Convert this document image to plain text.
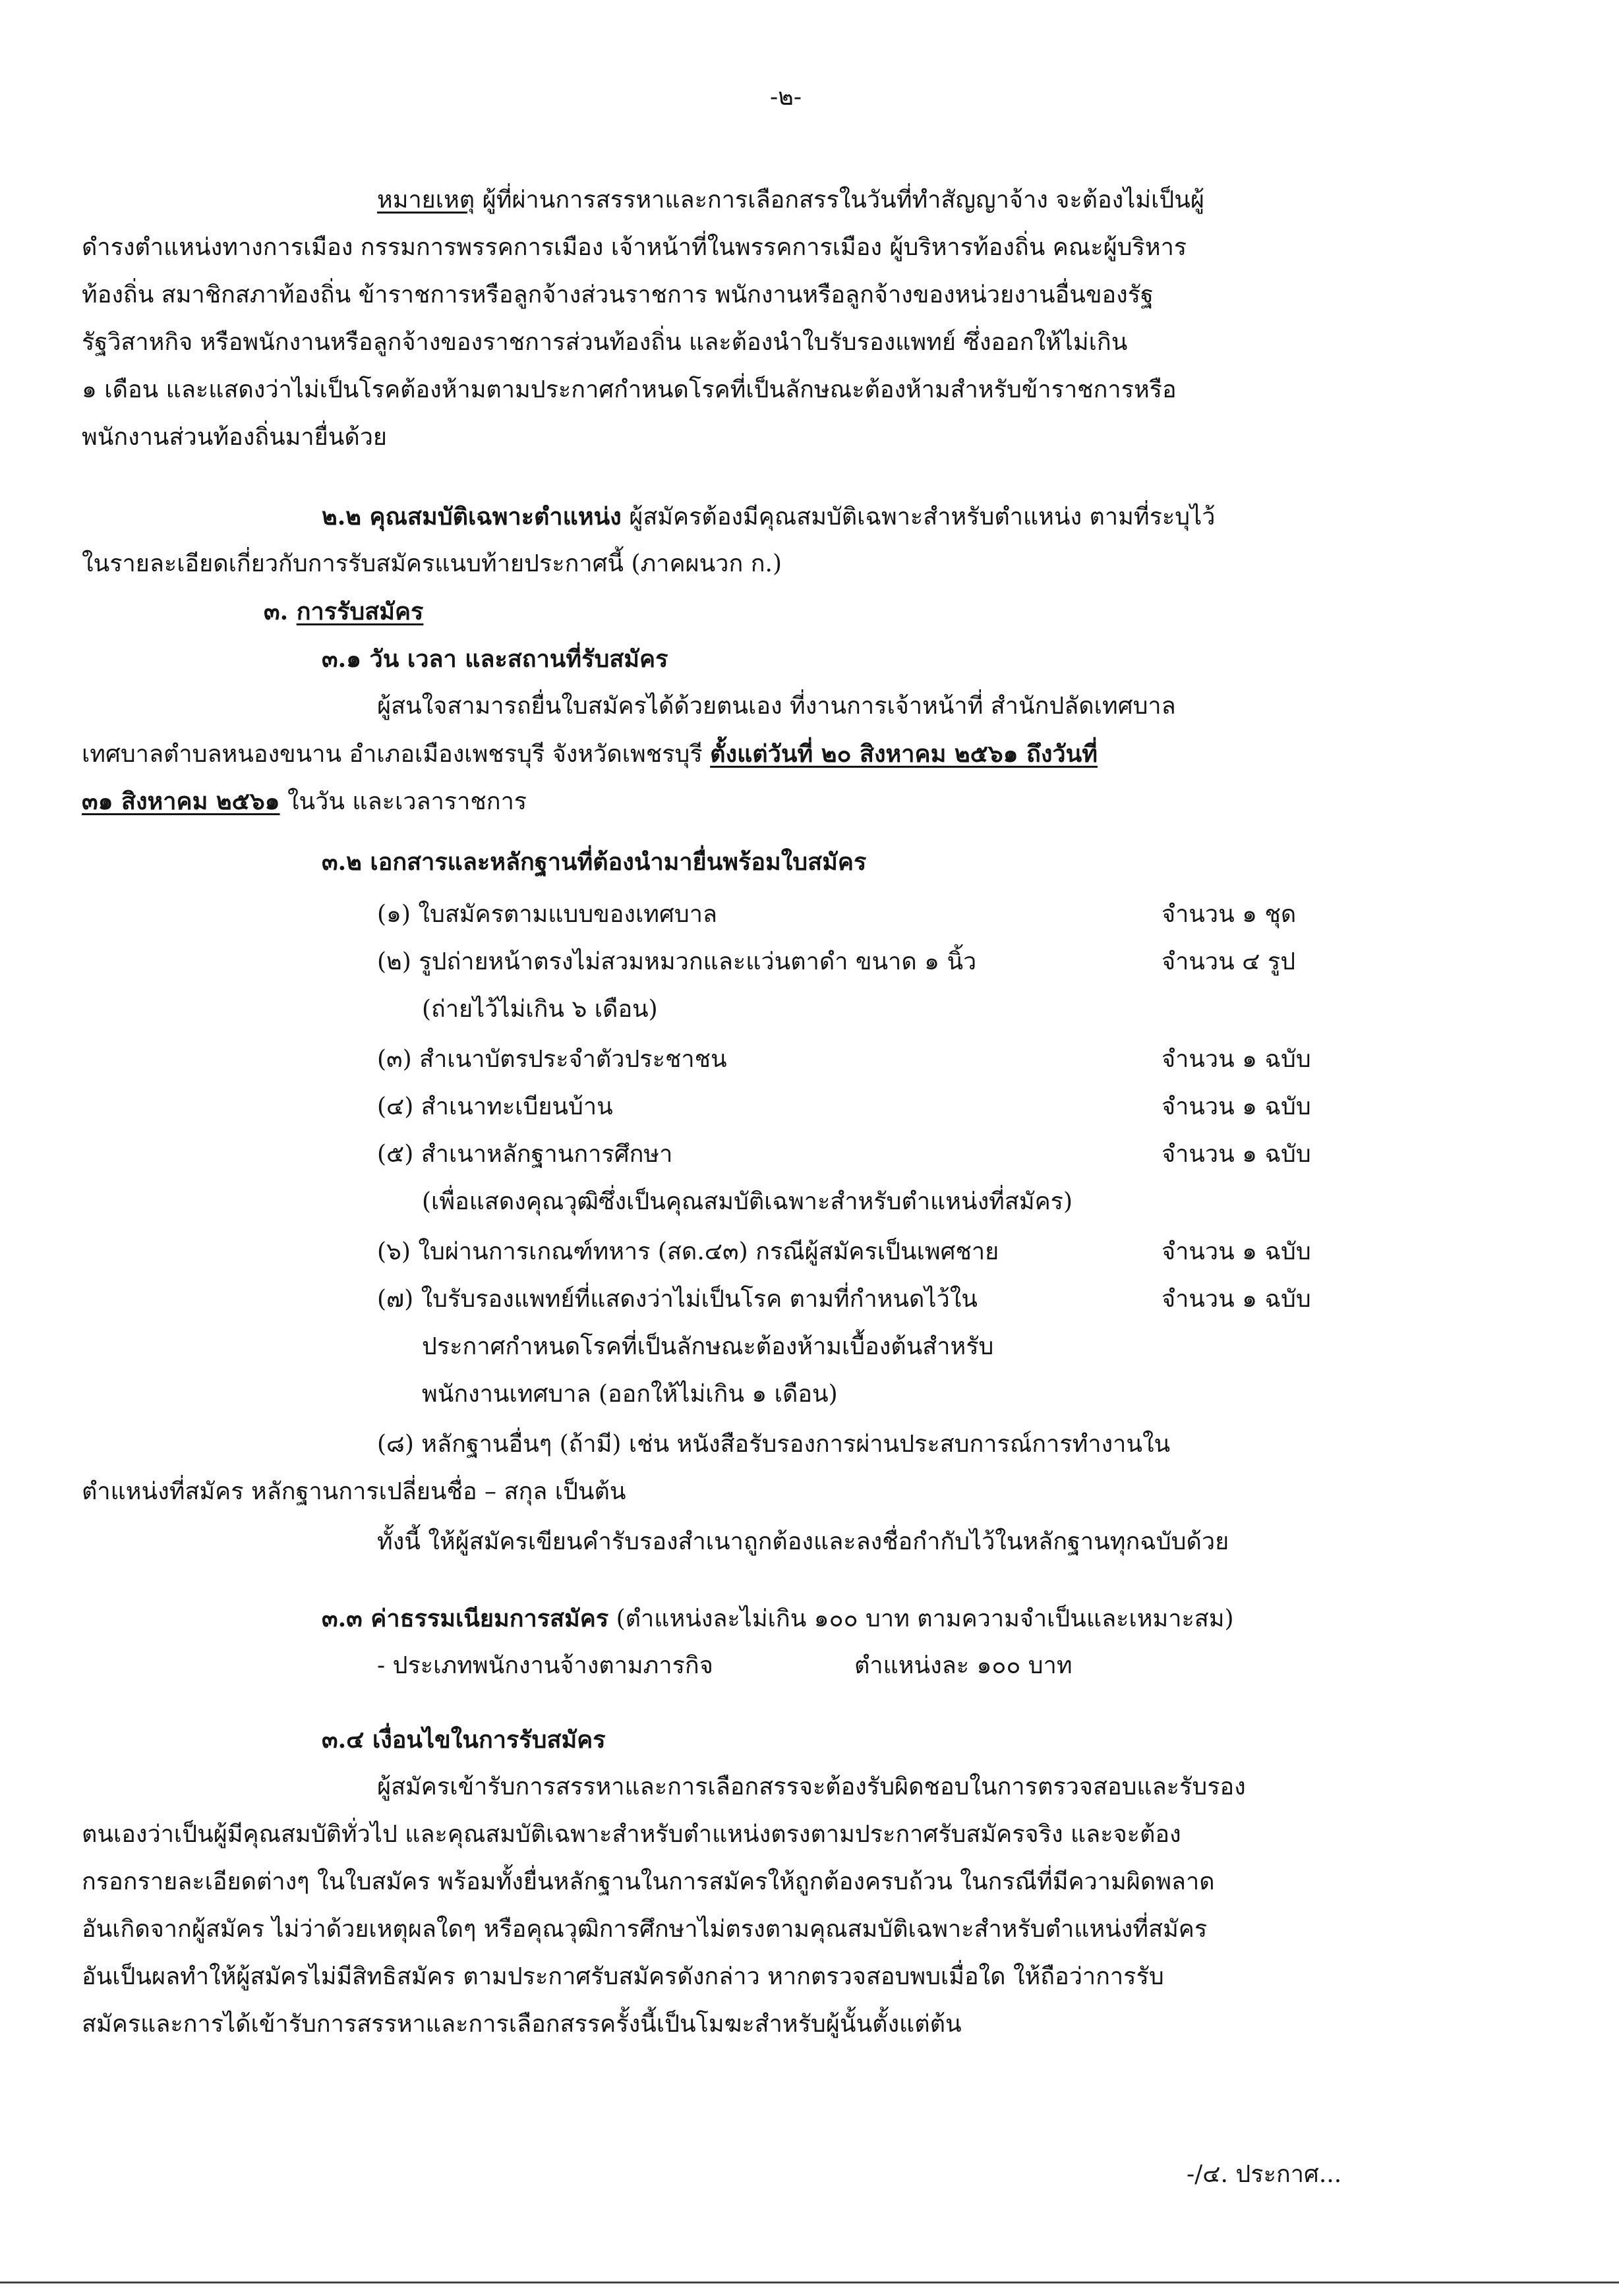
-๒-
หมายเหตุ ผู้ที่ผ่านการสรรหาและการเลือกสรรในวันที่ทำสัญญาจ้าง จะต้องไม่เป็นผู้
ดำรงตำแหน่งทางการเมือง กรรมการพรรคการเมือง เจ้าหน้าที่ในพรรคการเมือง ผู้บริหารท้องถิ่น คณะผู้บริหาร
ท้องถิ่น สมาชิกสภาท้องถิ่น ข้าราชการหรือลูกจ้างส่วนราชการ พนักงานหรือลูกจ้างของหน่วยงานอื่นของรัฐ
รัฐวิสาหกิจ หรือพนักงานหรือลูกจ้างของราชการส่วนท้องถิ่น และต้องนำใบรับรองแพทย์ ซึ่งออกให้ไม่เกิน
๑ เดือน และแสดงว่าไม่เป็นโรคต้องห้ามตามประกาศกำหนดโรคที่เป็นลักษณะต้องห้ามสำหรับข้าราชการหรือ
พนักงานส่วนท้องถิ่นมายื่นด้วย
๒.๒ คุณสมบัติเฉพาะตำแหน่ง ผู้สมัครต้องมีคุณสมบัติเฉพาะสำหรับตำแหน่ง ตามที่ระบุไว้
ในรายละเอียดเกี่ยวกับการรับสมัครแนบท้ายประกาศนี้ (ภาคผนวก ก.)
๓. การรับสมัคร
๓.๑ วัน เวลา และสถานที่รับสมัคร
ผู้สนใจสามารถยื่นใบสมัครได้ด้วยตนเอง ที่งานการเจ้าหน้าที่ สำนักปลัดเทศบาล
เทศบาลตำบลหนองขนาน อำเภอเมืองเพชรบุรี จังหวัดเพชรบุรี ตั้งแต่วันที่ ๒๐ สิงหาคม ๒๕๖๑ ถึงวันที่
๓๑ สิงหาคม ๒๕๖๑ ในวัน และเวลาราชการ
๓.๒ เอกสารและหลักฐานที่ต้องนำมายื่นพร้อมใบสมัคร
(๑) ใบสมัครตามแบบของเทศบาล	จำนวน ๑ ชุด
(๒) รูปถ่ายหน้าตรงไม่สวมหมวกและแว่นตาดำ ขนาด ๑ นิ้ว	จำนวน ๔ รูป
(ถ่ายไว้ไม่เกิน ๖ เดือน)
(๓) สำเนาบัตรประจำตัวประชาชน	จำนวน ๑ ฉบับ
(๔) สำเนาทะเบียนบ้าน	จำนวน ๑ ฉบับ
(๕) สำเนาหลักฐานการศึกษา	จำนวน ๑ ฉบับ
(เพื่อแสดงคุณวุฒิซึ่งเป็นคุณสมบัติเฉพาะสำหรับตำแหน่งที่สมัคร)
(๖) ใบผ่านการเกณฑ์ทหาร (สด.๔๓) กรณีผู้สมัครเป็นเพศชาย	จำนวน ๑ ฉบับ
(๗) ใบรับรองแพทย์ที่แสดงว่าไม่เป็นโรค ตามที่กำหนดไว้ใน	จำนวน ๑ ฉบับ
ประกาศกำหนดโรคที่เป็นลักษณะต้องห้ามเบื้องต้นสำหรับ
พนักงานเทศบาล (ออกให้ไม่เกิน ๑ เดือน)
(๘) หลักฐานอื่นๆ (ถ้ามี) เช่น หนังสือรับรองการผ่านประสบการณ์การทำงานใน
ตำแหน่งที่สมัคร หลักฐานการเปลี่ยนชื่อ – สกุล เป็นต้น
ทั้งนี้ ให้ผู้สมัครเขียนคำรับรองสำเนาถูกต้องและลงชื่อกำกับไว้ในหลักฐานทุกฉบับด้วย
๓.๓ ค่าธรรมเนียมการสมัคร (ตำแหน่งละไม่เกิน ๑๐๐ บาท ตามความจำเป็นและเหมาะสม)
- ประเภทพนักงานจ้างตามภารกิจ	ตำแหน่งละ ๑๐๐ บาท
๓.๔ เงื่อนไขในการรับสมัคร
ผู้สมัครเข้ารับการสรรหาและการเลือกสรรจะต้องรับผิดชอบในการตรวจสอบและรับรอง
ตนเองว่าเป็นผู้มีคุณสมบัติทั่วไป และคุณสมบัติเฉพาะสำหรับตำแหน่งตรงตามประกาศรับสมัครจริง และจะต้อง
กรอกรายละเอียดต่างๆ ในใบสมัคร พร้อมทั้งยื่นหลักฐานในการสมัครให้ถูกต้องครบถ้วน ในกรณีที่มีความผิดพลาด
อันเกิดจากผู้สมัคร ไม่ว่าด้วยเหตุผลใดๆ หรือคุณวุฒิการศึกษาไม่ตรงตามคุณสมบัติเฉพาะสำหรับตำแหน่งที่สมัคร
อันเป็นผลทำให้ผู้สมัครไม่มีสิทธิสมัคร ตามประกาศรับสมัครดังกล่าว หากตรวจสอบพบเมื่อใด ให้ถือว่าการรับ
สมัครและการได้เข้ารับการสรรหาและการเลือกสรรครั้งนี้เป็นโมฆะสำหรับผู้นั้นตั้งแต่ต้น
-/๔. ประกาศ...
